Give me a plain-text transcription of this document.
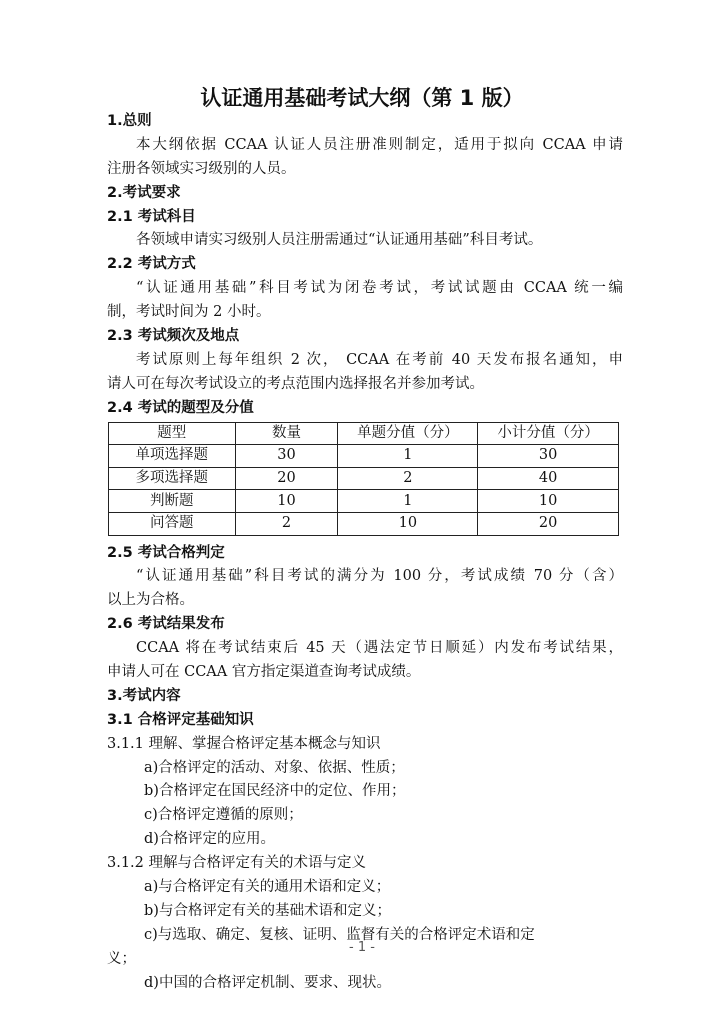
认证通用基础考试大纲（第 1 版）
1.总则
本大纲依据 CCAA 认证人员注册准则制定，适用于拟向 CCAA 申请
注册各领域实习级别的人员。
2.考试要求
2.1 考试科目
各领域申请实习级别人员注册需通过“认证通用基础”科目考试。
2.2 考试方式
“认证通用基础”科目考试为闭卷考试，考试试题由 CCAA 统一编
制，考试时间为 2 小时。
2.3 考试频次及地点
考试原则上每年组织 2 次， CCAA 在考前 40 天发布报名通知，申
请人可在每次考试设立的考点范围内选择报名并参加考试。
2.4 考试的题型及分值
题型	数量	单题分值（分）	小计分值（分）
单项选择题	30	1	30
多项选择题	20	2	40
判断题	10	1	10
问答题	2	10	20
2.5 考试合格判定
“认证通用基础”科目考试的满分为 100 分，考试成绩 70 分（含）
以上为合格。
2.6 考试结果发布
CCAA 将在考试结束后 45 天（遇法定节日顺延）内发布考试结果，
申请人可在 CCAA 官方指定渠道查询考试成绩。
3.考试内容
3.1 合格评定基础知识
3.1.1 理解、掌握合格评定基本概念与知识
a)合格评定的活动、对象、依据、性质；
b)合格评定在国民经济中的定位、作用；
c)合格评定遵循的原则；
d)合格评定的应用。
3.1.2 理解与合格评定有关的术语与定义
a)与合格评定有关的通用术语和定义；
b)与合格评定有关的基础术语和定义；
c)与选取、确定、复核、证明、监督有关的合格评定术语和定
义；
d)中国的合格评定机制、要求、现状。
- 1 -
